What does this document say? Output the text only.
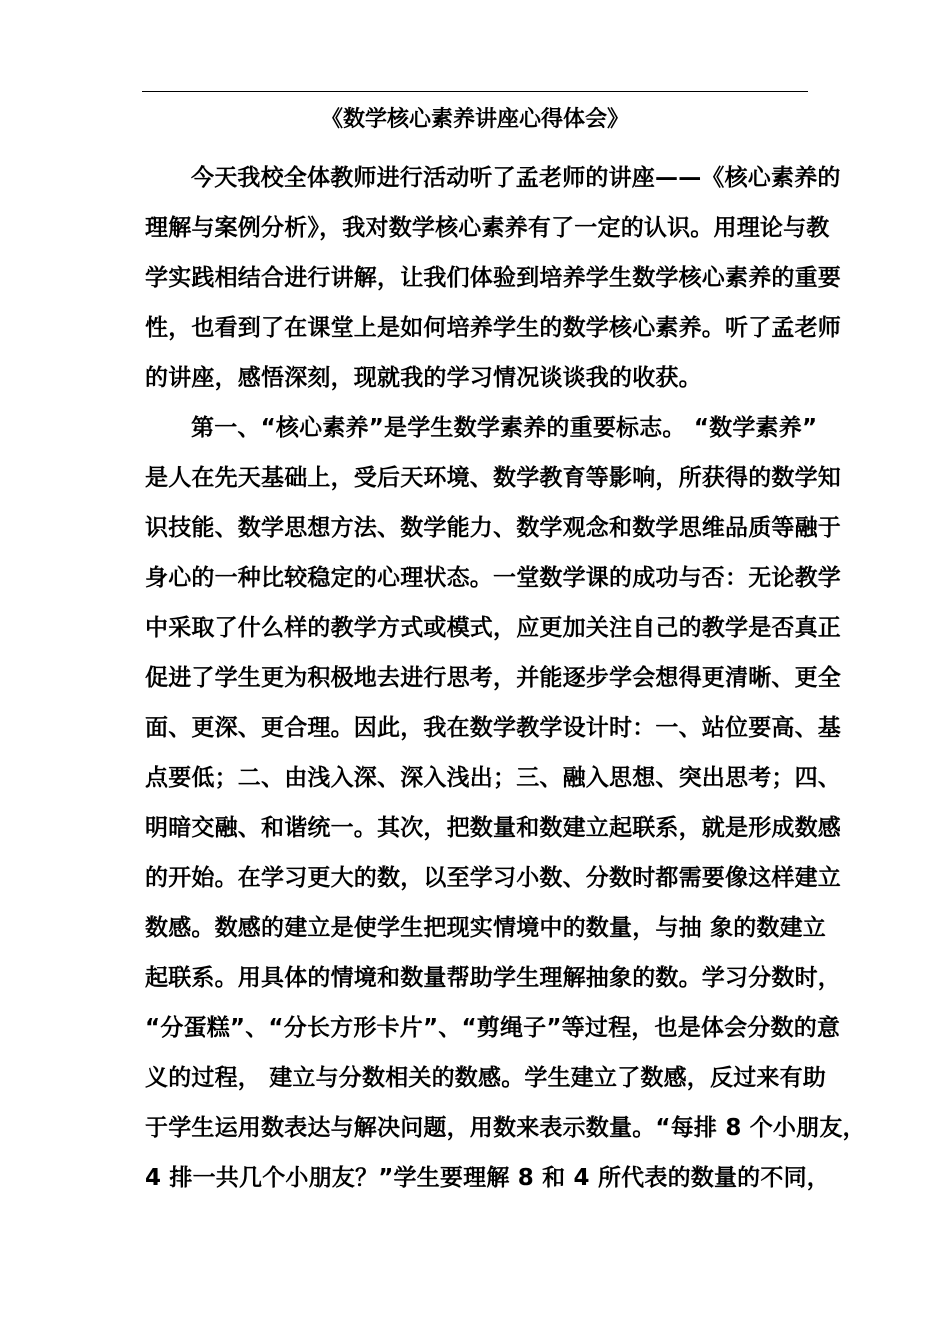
《数学核心素养讲座心得体会》
今天我校全体教师进行活动听了孟老师的讲座——《核心素养的
理解与案例分析》，我对数学核心素养有了一定的认识。用理论与教
学实践相结合进行讲解，让我们体验到培养学生数学核心素养的重要
性，也看到了在课堂上是如何培养学生的数学核心素养。听了孟老师
的讲座，感悟深刻，现就我的学习情况谈谈我的收获。
第一、“核心素养”是学生数学素养的重要标志。 “数学素养”
是人在先天基础上，受后天环境、数学教育等影响，所获得的数学知
识技能、数学思想方法、数学能力、数学观念和数学思维品质等融于
身心的一种比较稳定的心理状态。一堂数学课的成功与否：无论教学
中采取了什么样的教学方式或模式，应更加关注自己的教学是否真正
促进了学生更为积极地去进行思考，并能逐步学会想得更清晰、更全
面、更深、更合理。因此，我在数学教学设计时：一、站位要高、基
点要低；二、由浅入深、深入浅出；三、融入思想、突出思考；四、
明暗交融、和谐统一。其次，把数量和数建立起联系，就是形成数感
的开始。在学习更大的数，以至学习小数、分数时都需要像这样建立
数感。数感的建立是使学生把现实情境中的数量，与抽 象的数建立
起联系。用具体的情境和数量帮助学生理解抽象的数。学习分数时，
“分蛋糕”、“分长方形卡片”、“剪绳子”等过程，也是体会分数的意
义的过程， 建立与分数相关的数感。学生建立了数感，反过来有助
于学生运用数表达与解决问题，用数来表示数量。“每排 8 个小朋友，
4 排一共几个小朋友？”学生要理解 8 和 4 所代表的数量的不同，
